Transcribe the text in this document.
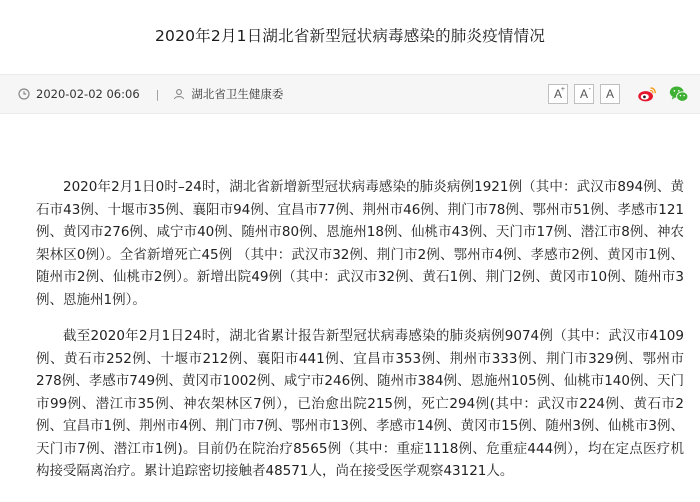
2020年2月1日湖北省新型冠状病毒感染的肺炎疫情情况
2020-02-02 06:06 |	湖北省卫生健康委	A
+ A- A

2020年2月1日0时–24时，湖北省新增新型冠状病毒感染的肺炎病例1921例（其中：武汉市894例、黄石市43例、十堰市35例、襄阳市94例、宜昌市77例、荆州市46例、荆门市78例、鄂州市51例、孝感市121例、黄冈市276例、咸宁市40例、随州市80例、恩施州18例、仙桃市43例、天门市17例、潜江市8例、神农架林区0例）。全省新增死亡45例 （其中：武汉市32例、荆门市2例、鄂州市4例、孝感市2例、黄冈市1例、随州市2例、仙桃市2例）。新增出院49例（其中：武汉市32例、黄石1例、荆门2例、黄冈市10例、随州市3例、恩施州1例）。

截至2020年2月1日24时，湖北省累计报告新型冠状病毒感染的肺炎病例9074例（其中：武汉市4109例、黄石市252例、十堰市212例、襄阳市441例、宜昌市353例、荆州市333例、荆门市329例、鄂州市278例、孝感市749例、黄冈市1002例、咸宁市246例、随州市384例、恩施州105例、仙桃市140例、天门市99例、潜江市35例、神农架林区7例），已治愈出院215例，死亡294例(其中：武汉市224例、黄石市2例、宜昌市1例、荆州市4例、荆门市7例、鄂州市13例、孝感市14例、黄冈市15例、随州3例、仙桃市3例、天门市7例、潜江市1例)。目前仍在院治疗8565例（其中：重症1118例、危重症444例），均在定点医疗机构接受隔离治疗。累计追踪密切接触者48571人，尚在接受医学观察43121人。
